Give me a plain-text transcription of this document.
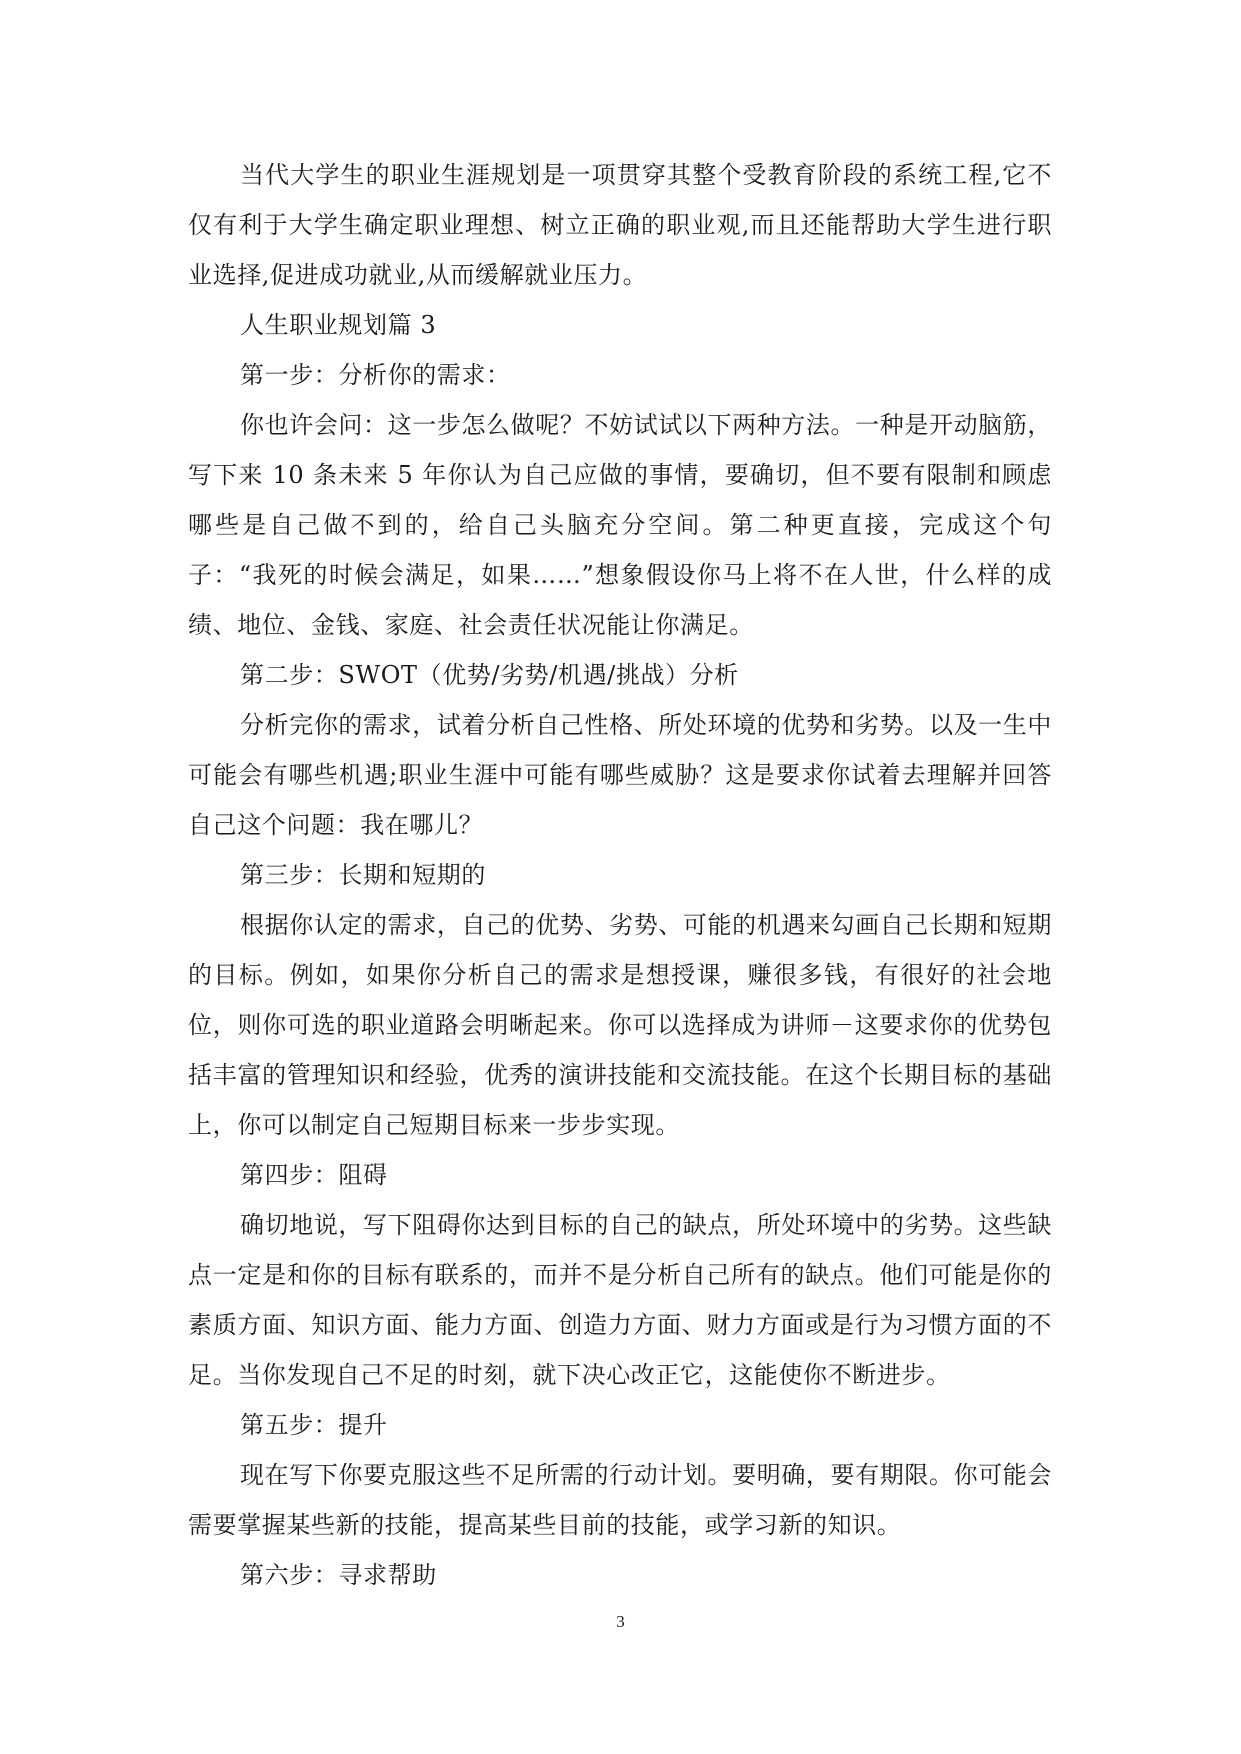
当代大学生的职业生涯规划是一项贯穿其整个受教育阶段的系统工程,它不仅有利于大学生确定职业理想、树立正确的职业观,而且还能帮助大学生进行职业选择,促进成功就业,从而缓解就业压力。

人生职业规划篇 3

第一步：分析你的需求：

你也许会问：这一步怎么做呢？不妨试试以下两种方法。一种是开动脑筋，写下来 10 条未来 5 年你认为自己应做的事情，要确切，但不要有限制和顾虑哪些是自己做不到的，给自己头脑充分空间。第二种更直接，完成这个句子：“我死的时候会满足，如果……”想象假设你马上将不在人世，什么样的成绩、地位、金钱、家庭、社会责任状况能让你满足。

第二步：SWOT（优势/劣势/机遇/挑战）分析

分析完你的需求，试着分析自己性格、所处环境的优势和劣势。以及一生中可能会有哪些机遇;职业生涯中可能有哪些威胁？这是要求你试着去理解并回答自己这个问题：我在哪儿？

第三步：长期和短期的

根据你认定的需求，自己的优势、劣势、可能的机遇来勾画自己长期和短期的目标。例如，如果你分析自己的需求是想授课，赚很多钱，有很好的社会地位，则你可选的职业道路会明晰起来。你可以选择成为讲师－这要求你的优势包括丰富的管理知识和经验，优秀的演讲技能和交流技能。在这个长期目标的基础上，你可以制定自己短期目标来一步步实现。

第四步：阻碍

确切地说，写下阻碍你达到目标的自己的缺点，所处环境中的劣势。这些缺点一定是和你的目标有联系的，而并不是分析自己所有的缺点。他们可能是你的素质方面、知识方面、能力方面、创造力方面、财力方面或是行为习惯方面的不足。当你发现自己不足的时刻，就下决心改正它，这能使你不断进步。

第五步：提升

现在写下你要克服这些不足所需的行动计划。要明确，要有期限。你可能会需要掌握某些新的技能，提高某些目前的技能，或学习新的知识。

第六步：寻求帮助

3
